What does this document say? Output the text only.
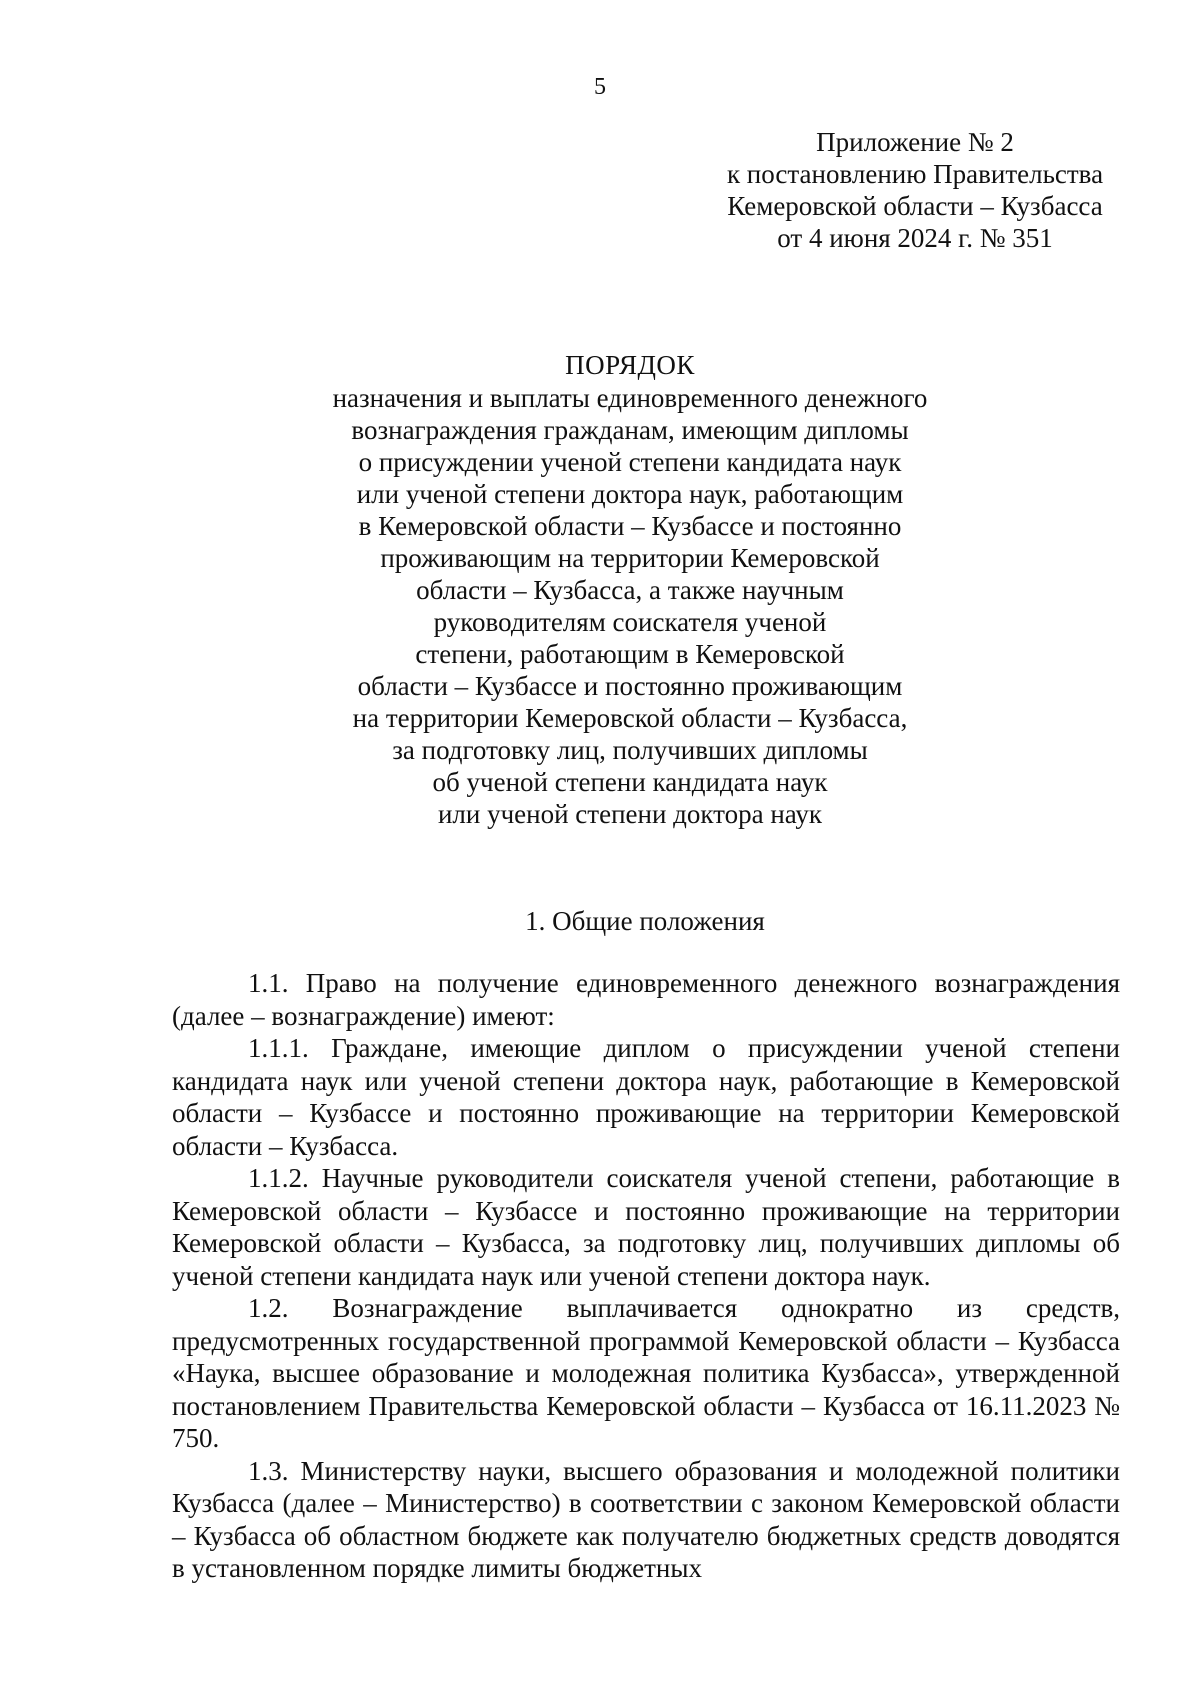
5
Приложение № 2
к постановлению Правительства
Кемеровской области – Кузбасса
от 4 июня 2024 г. № 351
ПОРЯДОК
назначения и выплаты единовременного денежного
вознаграждения гражданам, имеющим дипломы
о присуждении ученой степени кандидата наук
или ученой степени доктора наук, работающим
в Кемеровской области – Кузбассе и постоянно
проживающим на территории Кемеровской
области – Кузбасса, а также научным
руководителям соискателя ученой
степени, работающим в Кемеровской
области – Кузбассе и постоянно проживающим
на территории Кемеровской области – Кузбасса,
за подготовку лиц, получивших дипломы
об ученой степени кандидата наук
или ученой степени доктора наук
1. Общие положения

1.1. Право на получение единовременного денежного вознаграждения (далее – вознаграждение) имеют:

1.1.1. Граждане, имеющие диплом о присуждении ученой степени кандидата наук или ученой степени доктора наук, работающие в Кемеровской области – Кузбассе и постоянно проживающие на территории Кемеровской области – Кузбасса.

1.1.2. Научные руководители соискателя ученой степени, работающие в Кемеровской области – Кузбассе и постоянно проживающие на территории Кемеровской области – Кузбасса, за подготовку лиц, получивших дипломы об ученой степени кандидата наук или ученой степени доктора наук.

1.2. Вознаграждение выплачивается однократно из средств, предусмотренных государственной программой Кемеровской области – Кузбасса «Наука, высшее образование и молодежная политика Кузбасса», утвержденной постановлением Правительства Кемеровской области – Кузбасса от 16.11.2023 № 750.

1.3. Министерству науки, высшего образования и молодежной политики Кузбасса (далее – Министерство) в соответствии с законом Кемеровской области – Кузбасса об областном бюджете как получателю бюджетных средств доводятся в установленном порядке лимиты бюджетных
